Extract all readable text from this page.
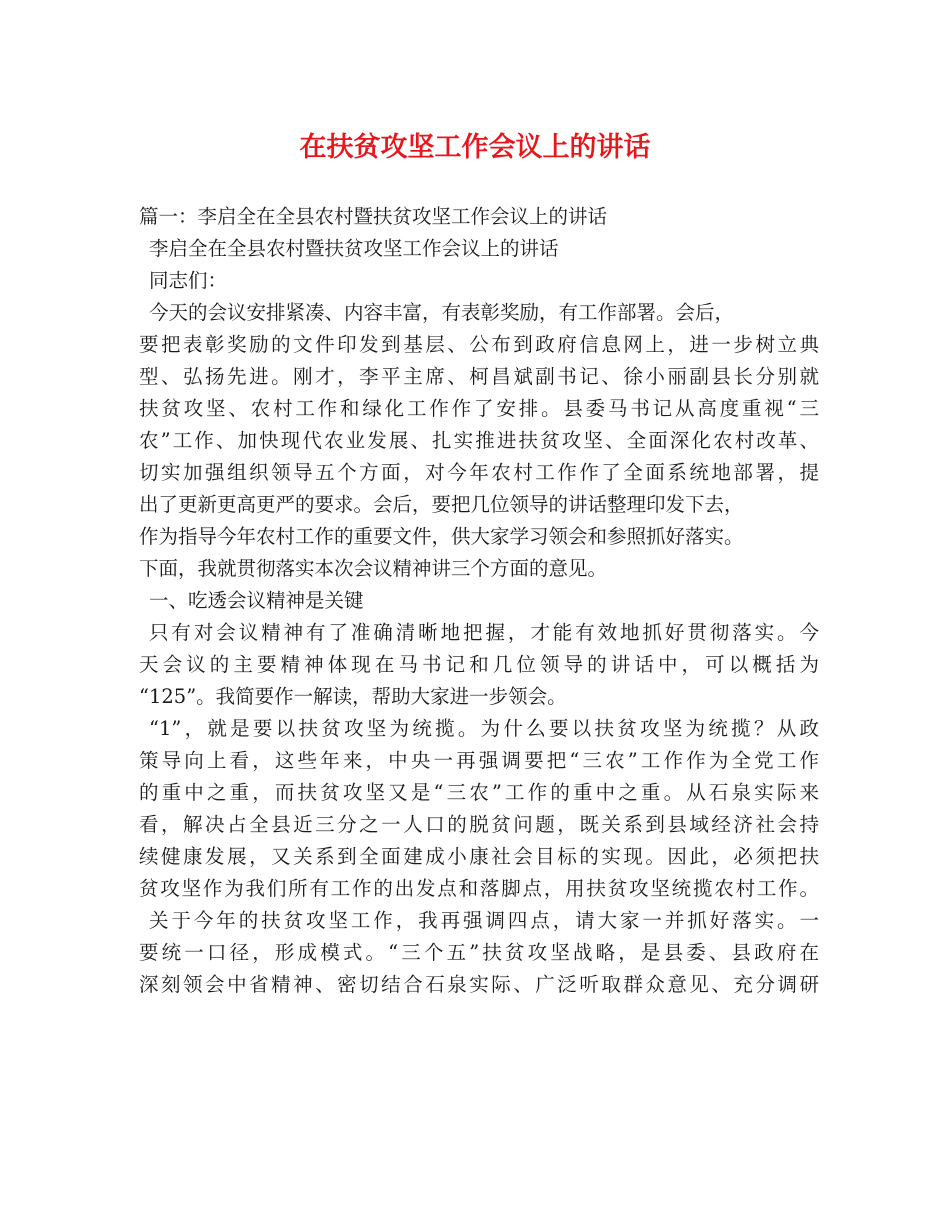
在扶贫攻坚工作会议上的讲话

篇一：李启全在全县农村暨扶贫攻坚工作会议上的讲话

李启全在全县农村暨扶贫攻坚工作会议上的讲话

同志们：

今天的会议安排紧凑、内容丰富，有表彰奖励，有工作部署。会后，

要把表彰奖励的文件印发到基层、公布到政府信息网上，进一步树立典

型、弘扬先进。刚才，李平主席、柯昌斌副书记、徐小丽副县长分别就

扶贫攻坚、农村工作和绿化工作作了安排。县委马书记从高度重视“三

农”工作、加快现代农业发展、扎实推进扶贫攻坚、全面深化农村改革、

切实加强组织领导五个方面，对今年农村工作作了全面系统地部署，提

出了更新更高更严的要求。会后，要把几位领导的讲话整理印发下去，

作为指导今年农村工作的重要文件，供大家学习领会和参照抓好落实。

下面，我就贯彻落实本次会议精神讲三个方面的意见。

一、吃透会议精神是关键

只有对会议精神有了准确清晰地把握，才能有效地抓好贯彻落实。今

天会议的主要精神体现在马书记和几位领导的讲话中，可以概括为

“125”。我简要作一解读，帮助大家进一步领会。

“1”，就是要以扶贫攻坚为统揽。为什么要以扶贫攻坚为统揽？从政

策导向上看，这些年来，中央一再强调要把“三农”工作作为全党工作

的重中之重，而扶贫攻坚又是“三农”工作的重中之重。从石泉实际来

看，解决占全县近三分之一人口的脱贫问题，既关系到县域经济社会持

续健康发展，又关系到全面建成小康社会目标的实现。因此，必须把扶

贫攻坚作为我们所有工作的出发点和落脚点，用扶贫攻坚统揽农村工作。

关于今年的扶贫攻坚工作，我再强调四点，请大家一并抓好落实。一

要统一口径，形成模式。“三个五”扶贫攻坚战略，是县委、县政府在

深刻领会中省精神、密切结合石泉实际、广泛听取群众意见、充分调研
